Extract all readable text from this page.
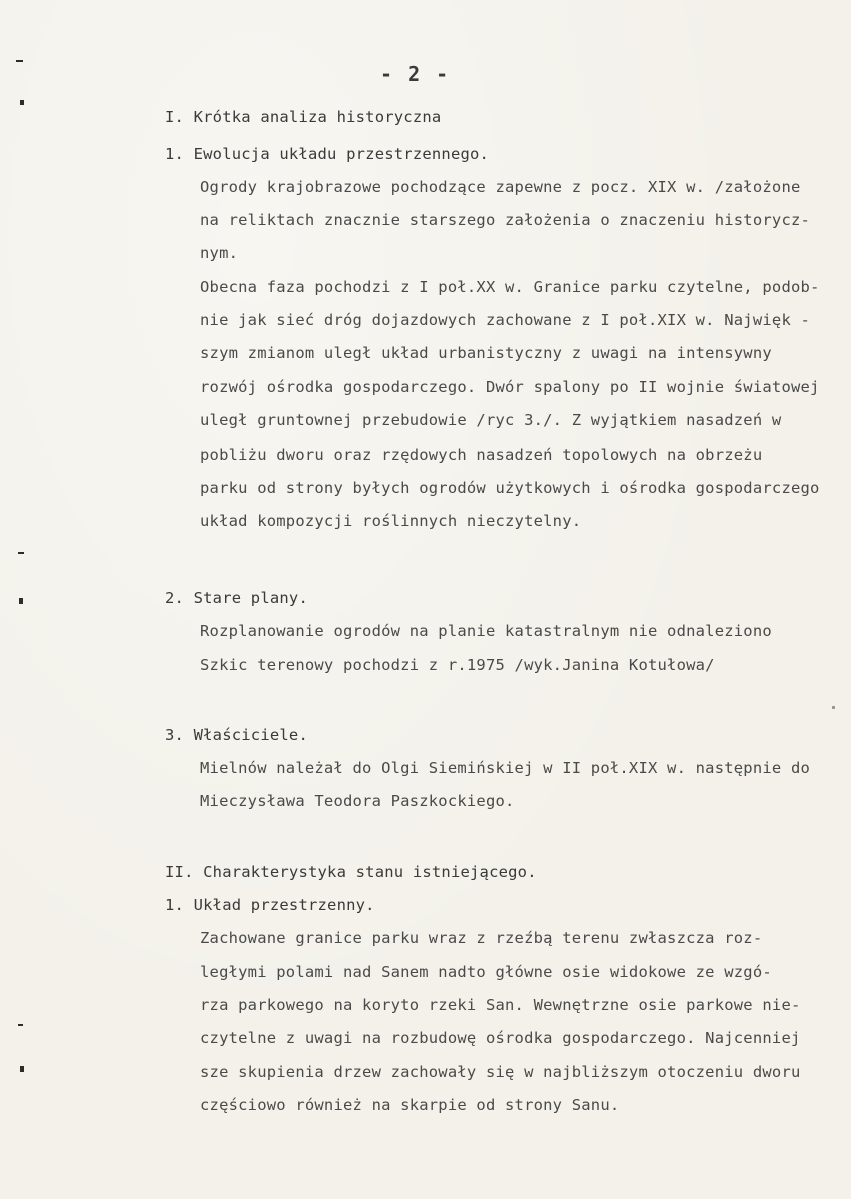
- 2 -
I. Krótka analiza historyczna
1. Ewolucja układu przestrzennego.
Ogrody krajobrazowe pochodzące zapewne z pocz. XIX w. /założone
na reliktach znacznie starszego założenia o znaczeniu historycz-
nym.
Obecna faza pochodzi z I poł.XX w. Granice parku czytelne, podob-
nie jak sieć dróg dojazdowych zachowane z I poł.XIX w. Najwięk -
szym zmianom uległ układ urbanistyczny z uwagi na intensywny
rozwój ośrodka gospodarczego. Dwór spalony po II wojnie światowej
uległ gruntownej przebudowie /ryc 3./. Z wyjątkiem nasadzeń w
pobliżu dworu oraz rzędowych nasadzeń topolowych na obrzeżu
parku od strony byłych ogrodów użytkowych i ośrodka gospodarczego
układ kompozycji roślinnych nieczytelny.
2. Stare plany.
Rozplanowanie ogrodów na planie katastralnym nie odnaleziono
Szkic terenowy pochodzi z r.1975 /wyk.Janina Kotułowa/
3. Właściciele.
Mielnów należał do Olgi Siemińskiej w II poł.XIX w. następnie do
Mieczysława Teodora Paszkockiego.
II. Charakterystyka stanu istniejącego.
1. Układ przestrzenny.
Zachowane granice parku wraz z rzeźbą terenu zwłaszcza roz-
ległymi polami nad Sanem nadto główne osie widokowe ze wzgó-
rza parkowego na koryto rzeki San. Wewnętrzne osie parkowe nie-
czytelne z uwagi na rozbudowę ośrodka gospodarczego. Najcenniej
sze skupienia drzew zachowały się w najbliższym otoczeniu dworu
częściowo również na skarpie od strony Sanu.
